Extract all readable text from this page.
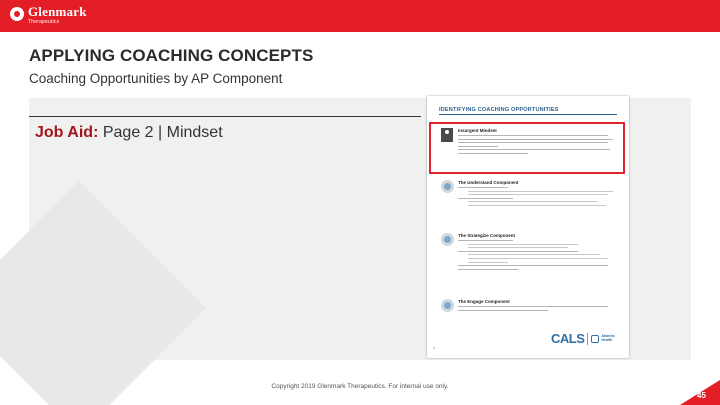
Glenmark
Therapeutics
APPLYING COACHING CONCEPTS
Coaching Opportunities by AP Component
Job Aid: Page 2 | Mindset
IDENTIFYING COACHING OPPORTUNITIES
Insurgent Mindset
The Understand Component
The Strategize Component
The Engage Component
2
CALS	Atlantis Health
Copyright 2019 Glenmark Therapeutics. For internal use only.
45
